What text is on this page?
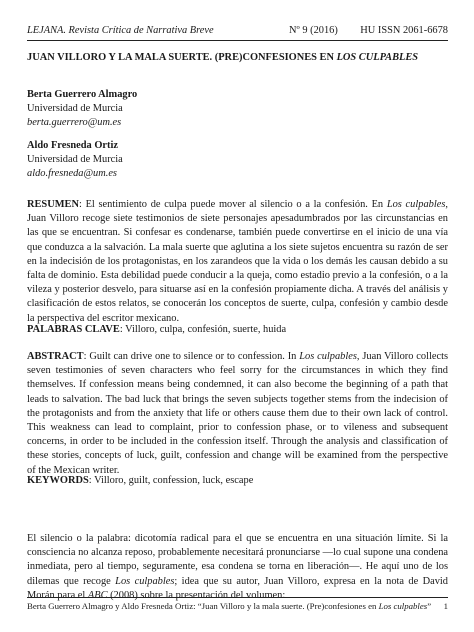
LEJANA. Revista Crítica de Narrativa Breve	Nº 9 (2016) HU ISSN 2061-6678
JUAN VILLORO Y LA MALA SUERTE. (PRE)CONFESIONES EN LOS CULPABLES
Berta Guerrero Almagro
Universidad de Murcia
berta.guerrero@um.es
Aldo Fresneda Ortiz
Universidad de Murcia
aldo.fresneda@um.es
RESUMEN: El sentimiento de culpa puede mover al silencio o a la confesión. En Los culpables, Juan Villoro recoge siete testimonios de siete personajes apesadumbrados por las circunstancias en las que se encuentran. Si confesar es condenarse, también puede convertirse en el inicio de una vía que conduzca a la salvación. La mala suerte que aglutina a los siete sujetos encuentra su razón de ser en la indecisión de los protagonistas, en los zarandeos que la vida o los demás les causan debido a su falta de dominio. Esta debilidad puede conducir a la queja, como estadio previo a la confesión, o a la vileza y posterior desvelo, para situarse así en la confesión propiamente dicha. A través del análisis y clasificación de estos relatos, se conocerán los conceptos de suerte, culpa, confesión y cambio desde la perspectiva del escritor mexicano.
PALABRAS CLAVE: Villoro, culpa, confesión, suerte, huida
ABSTRACT: Guilt can drive one to silence or to confession. In Los culpables, Juan Villoro collects seven testimonies of seven characters who feel sorry for the circumstances in which they find themselves. If confession means being condemned, it can also become the beginning of a path that leads to salvation. The bad luck that brings the seven subjects together stems from the indecision of the protagonists and from the anxiety that life or others cause them due to their own lack of control. This weakness can lead to complaint, prior to confession phase, or to vileness and subsequent concerns, in order to be included in the confession itself. Through the analysis and classification of these stories, concepts of luck, guilt, confession and change will be examined from the perspective of the Mexican writer.
KEYWORDS: Villoro, guilt, confession, luck, escape
El silencio o la palabra: dicotomía radical para el que se encuentra en una situación límite. Si la consciencia no alcanza reposo, probablemente necesitará pronunciarse —lo cual supone una condena inmediata, pero al tiempo, seguramente, esa condena se torna en liberación—. He aquí uno de los dilemas que recoge Los culpables; idea que su autor, Juan Villoro, expresa en la nota de David Morán para el ABC (2008) sobre la presentación del volumen:
Berta Guerrero Almagro y Aldo Fresneda Ortiz: “Juan Villoro y la mala suerte. (Pre)confesiones en Los culpables” 1
